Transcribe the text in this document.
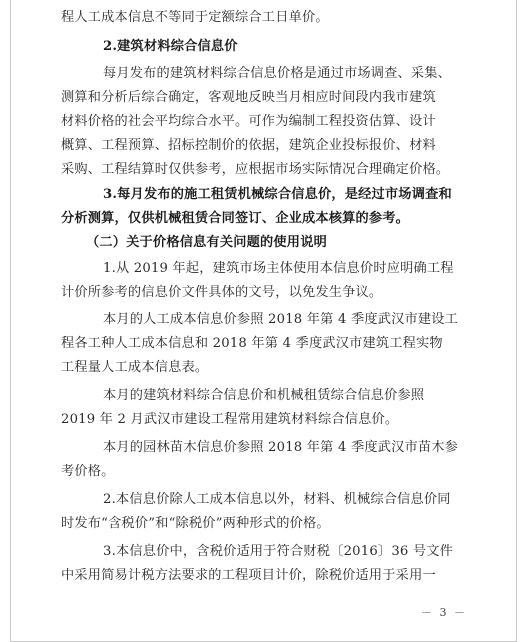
程人工成本信息不等同于定额综合工日单价。

2.建筑材料综合信息价

每月发布的建筑材料综合信息价格是通过市场调查、采集、

测算和分析后综合确定，客观地反映当月相应时间段内我市建筑
材料价格的社会平均综合水平。可作为编制工程投资估算、设计
概算、工程预算、招标控制价的依据，建筑企业投标报价、材料
采购、工程结算时仅供参考，应根据市场实际情况合理确定价格。

3.每月发布的施工租赁机械综合信息价，是经过市场调查和

分析测算，仅供机械租赁合同签订、企业成本核算的参考。

（二）关于价格信息有关问题的使用说明

1.从 2019 年起，建筑市场主体使用本信息价时应明确工程

计价所参考的信息价文件具体的文号，以免发生争议。

本月的人工成本信息价参照 2018 年第 4 季度武汉市建设工

程各工种人工成本信息和 2018 年第 4 季度武汉市建筑工程实物
工程量人工成本信息表。

本月的建筑材料综合信息价和机械租赁综合信息价参照

2019 年 2 月武汉市建设工程常用建筑材料综合信息价。

本月的园林苗木信息价参照 2018 年第 4 季度武汉市苗木参

考价格。

2.本信息价除人工成本信息以外，材料、机械综合信息价同

时发布“含税价”和“除税价”两种形式的价格。

3.本信息价中，含税价适用于符合财税〔2016〕36 号文件

中采用简易计税方法要求的工程项目计价，除税价适用于采用一

－ 3 －
